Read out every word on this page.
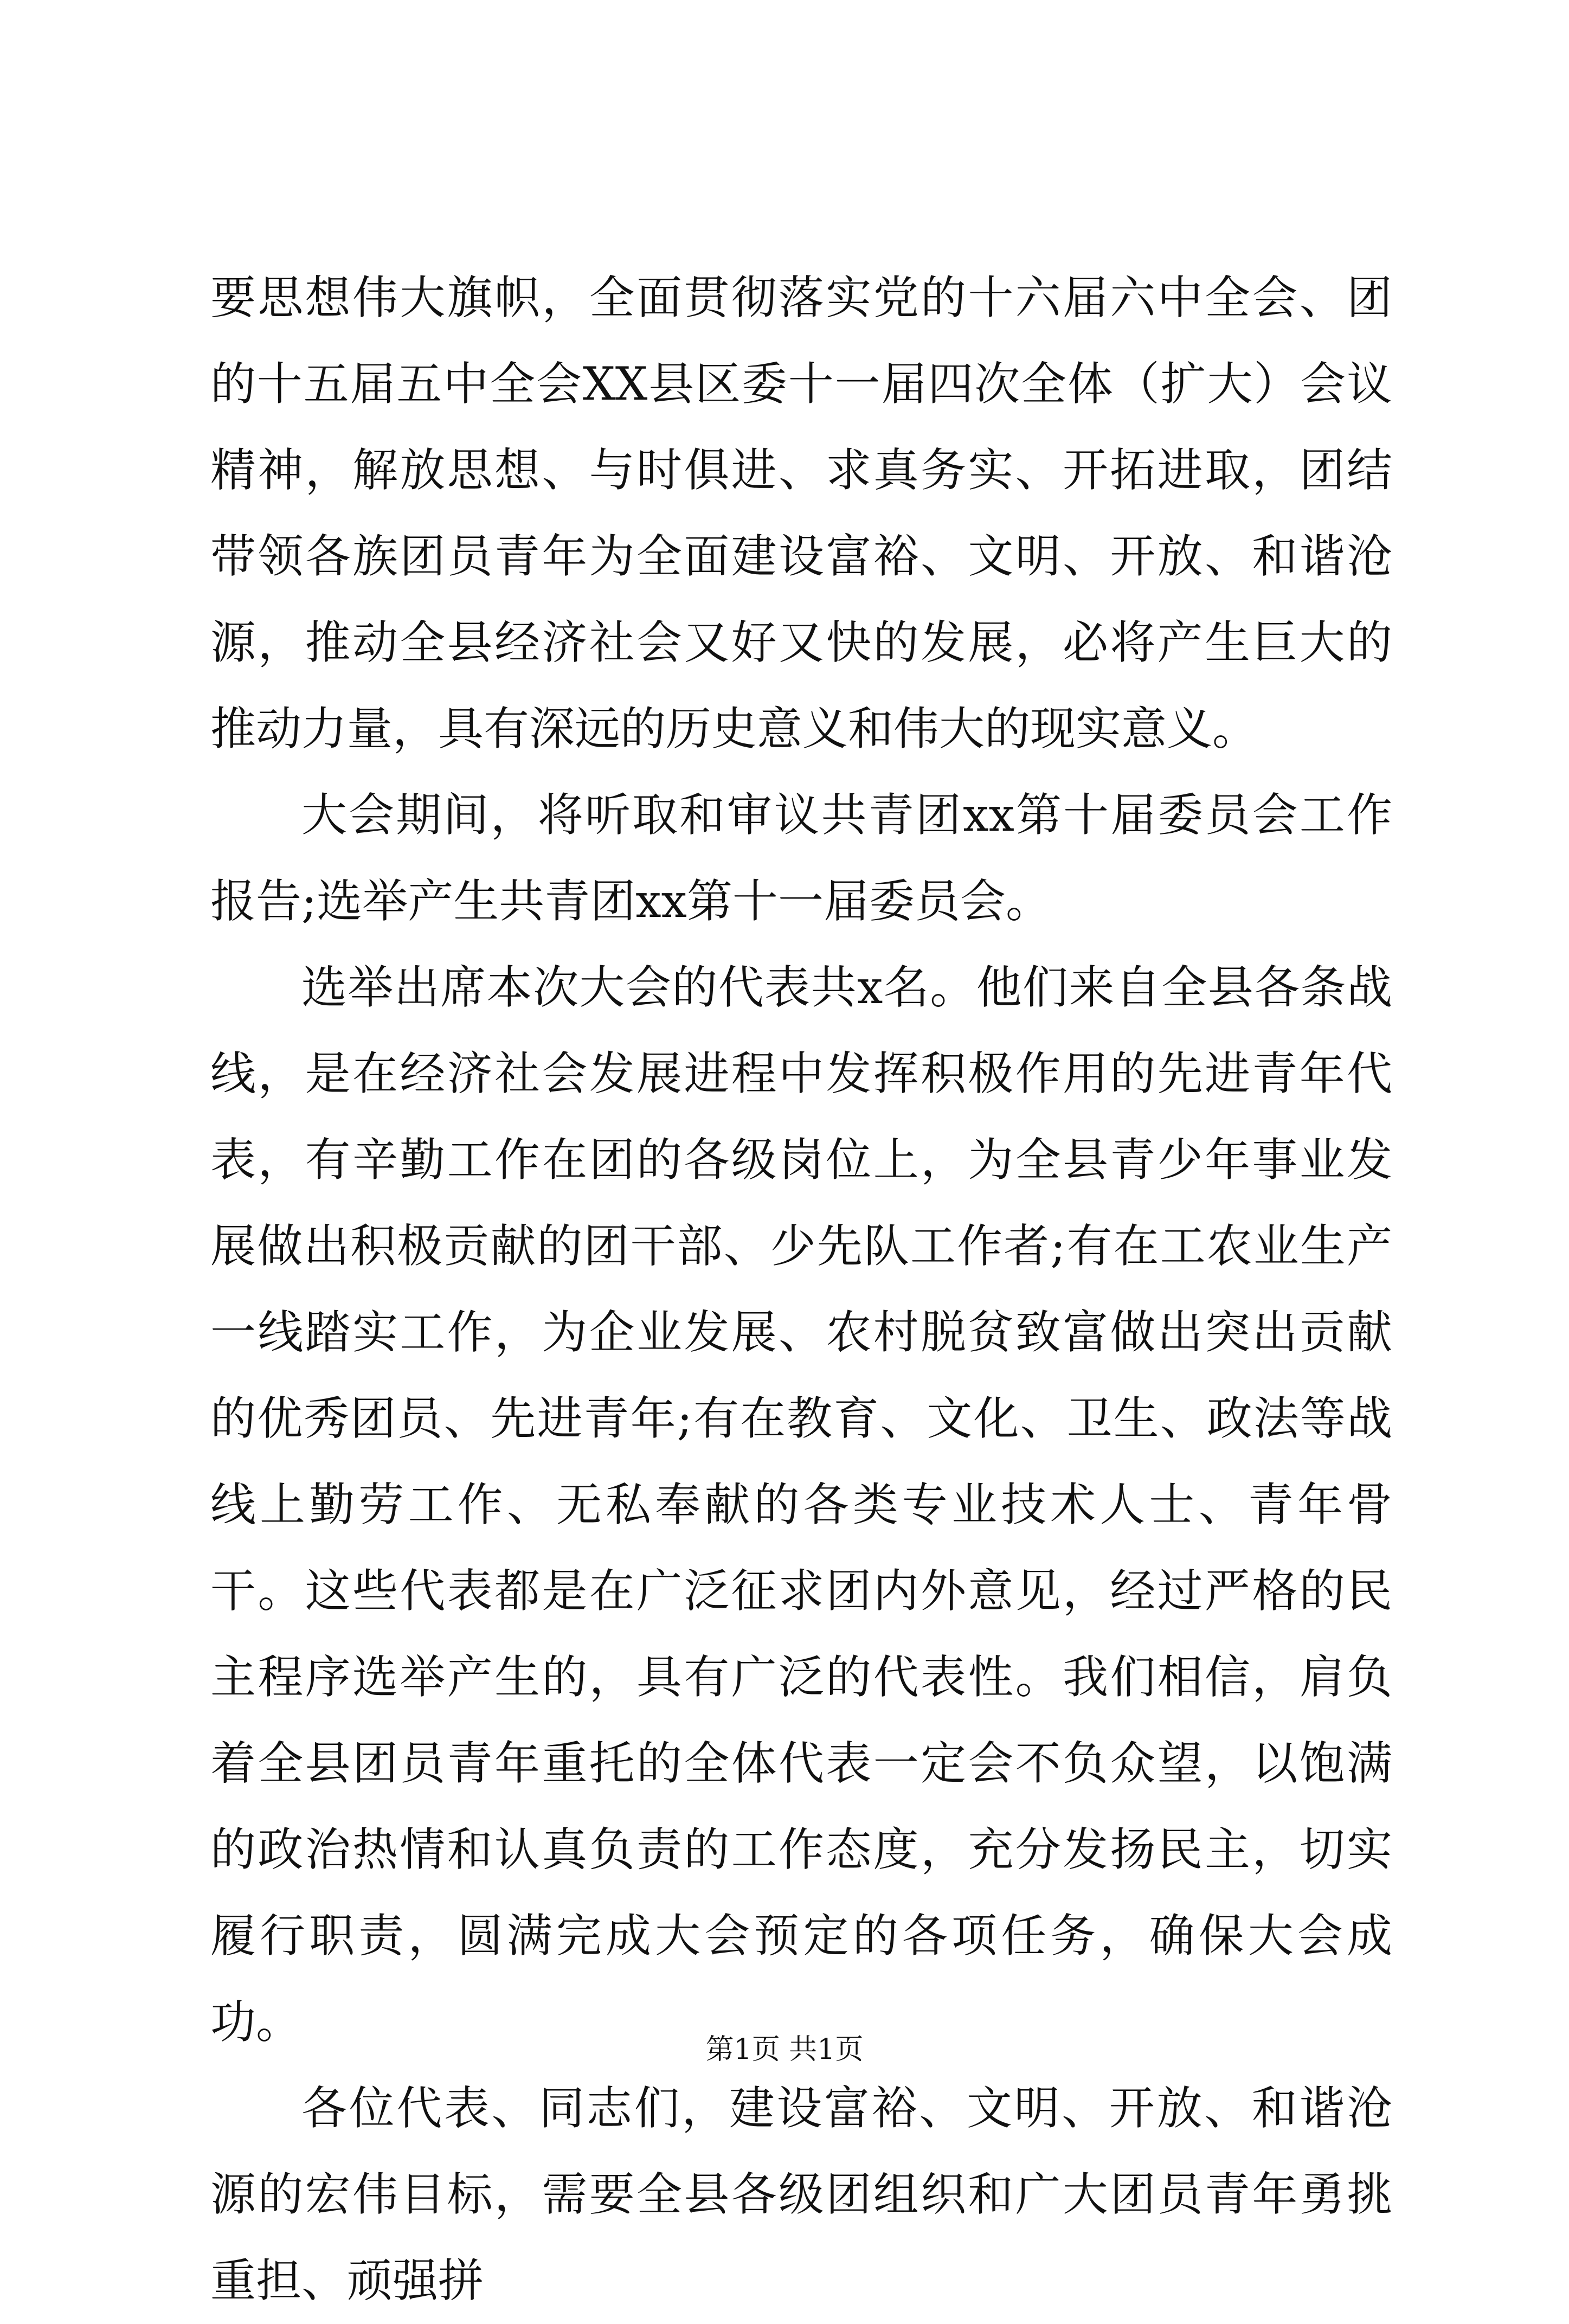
要思想伟大旗帜，全面贯彻落实党的十六届六中全会、团的十五届五中全会XX县区委十一届四次全体（扩大）会议精神，解放思想、与时俱进、求真务实、开拓进取，团结带领各族团员青年为全面建设富裕、文明、开放、和谐沧源，推动全县经济社会又好又快的发展，必将产生巨大的推动力量，具有深远的历史意义和伟大的现实意义。

大会期间，将听取和审议共青团xx第十届委员会工作报告;选举产生共青团xx第十一届委员会。

选举出席本次大会的代表共x名。他们来自全县各条战线，是在经济社会发展进程中发挥积极作用的先进青年代表，有辛勤工作在团的各级岗位上，为全县青少年事业发展做出积极贡献的团干部、少先队工作者;有在工农业生产一线踏实工作，为企业发展、农村脱贫致富做出突出贡献的优秀团员、先进青年;有在教育、文化、卫生、政法等战线上勤劳工作、无私奉献的各类专业技术人士、青年骨干。这些代表都是在广泛征求团内外意见，经过严格的民主程序选举产生的，具有广泛的代表性。我们相信，肩负着全县团员青年重托的全体代表一定会不负众望，以饱满的政治热情和认真负责的工作态度，充分发扬民主，切实履行职责，圆满完成大会预定的各项任务，确保大会成功。

各位代表、同志们，建设富裕、文明、开放、和谐沧源的宏伟目标，需要全县各级团组织和广大团员青年勇挑重担、顽强拼

第1页 共1页
